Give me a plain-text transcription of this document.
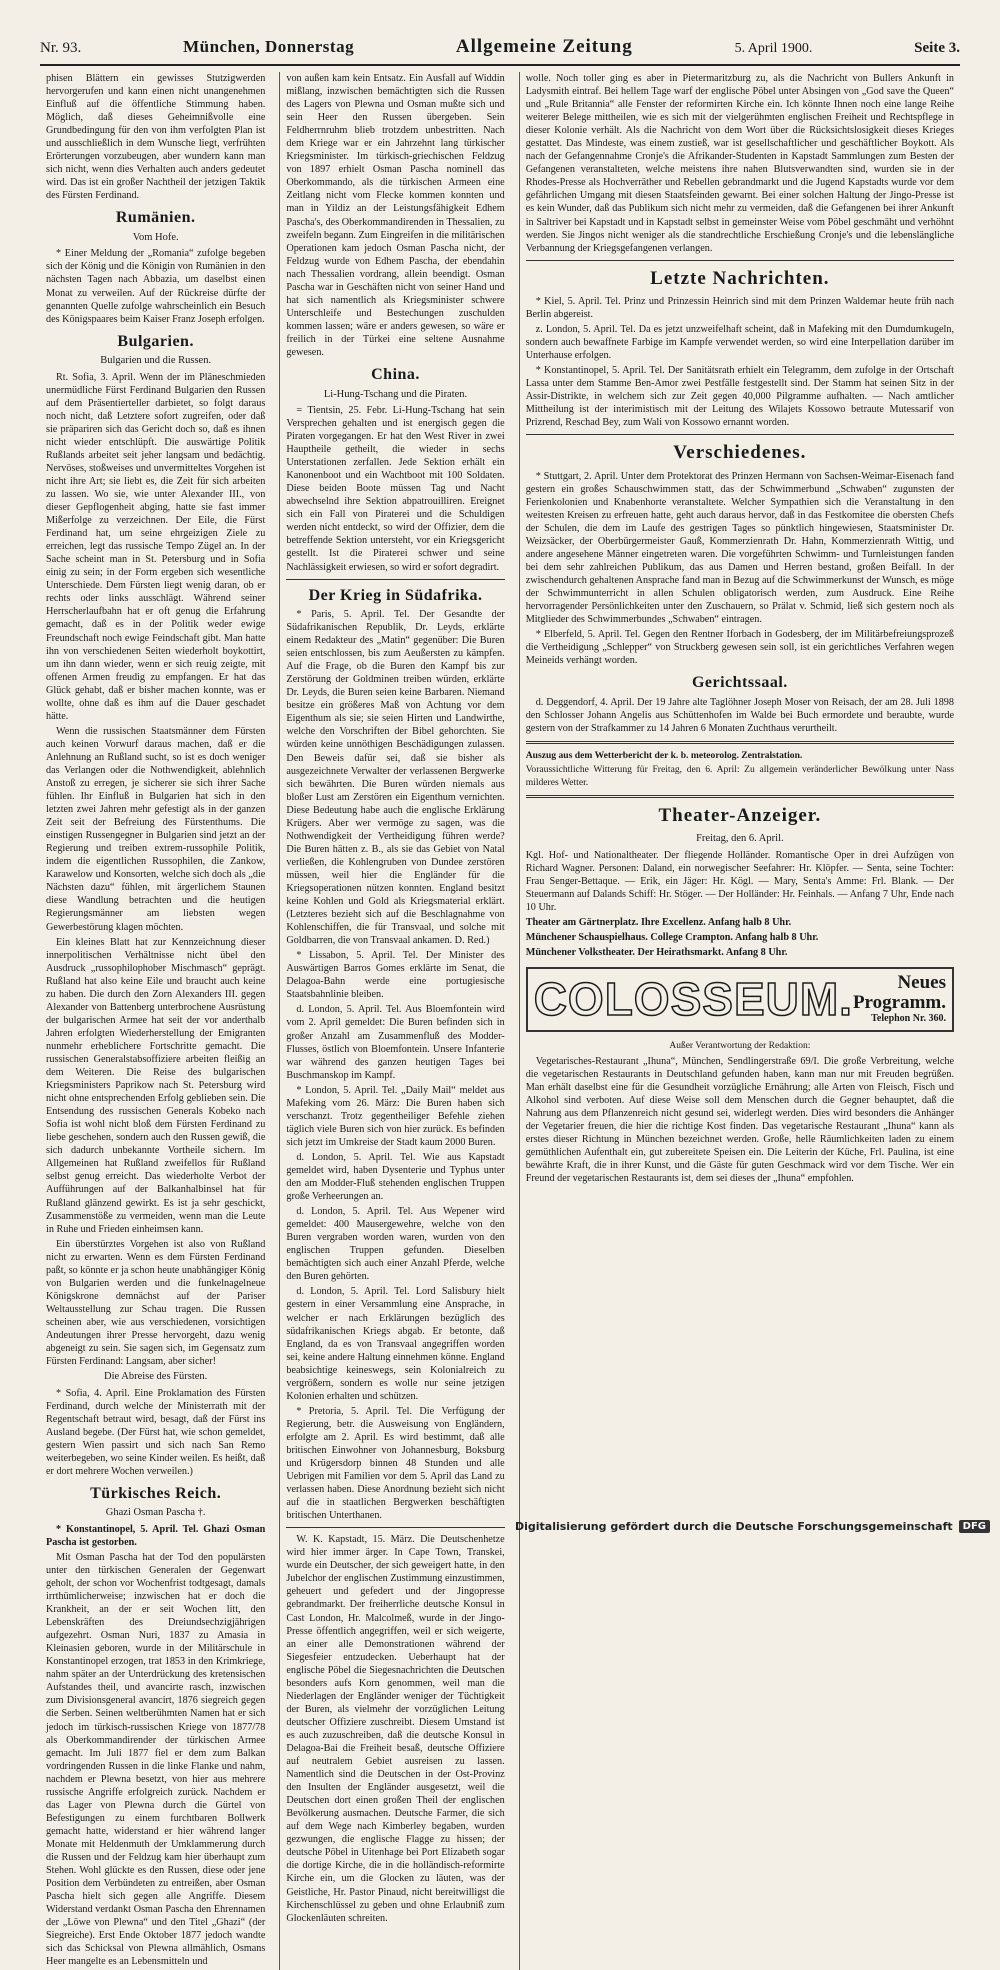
Nr. 93.	München, Donnerstag	Allgemeine Zeitung	5. April 1900.	Seite 3.

phisen Blättern ein gewisses Stutzigwerden hervorgerufen und kann einen nicht unangenehmen Einfluß auf die öffentliche Stimmung haben. Möglich, daß dieses Geheimnißvolle eine Grundbedingung für den von ihm verfolgten Plan ist und ausschließlich in dem Wunsche liegt, verfrühten Erörterungen vorzubeugen, aber wundern kann man sich nicht, wenn dies Verhalten auch anders gedeutet wird. Das ist ein großer Nachtheil der jetzigen Taktik des Fürsten Ferdinand.

Rumänien.
Vom Hofe.

* Einer Meldung der „Romania“ zufolge begeben sich der König und die Königin von Rumänien in den nächsten Tagen nach Abbazia, um daselbst einen Monat zu verweilen. Auf der Rückreise dürfte der genannten Quelle zufolge wahrscheinlich ein Besuch des Königspaares beim Kaiser Franz Joseph erfolgen.

Bulgarien.
Bulgarien und die Russen.

Rt. Sofia, 3. April. Wenn der im Pläneschmieden unermüdliche Fürst Ferdinand Bulgarien den Russen auf dem Präsentierteller darbietet, so folgt daraus noch nicht, daß Letztere sofort zugreifen, oder daß sie präpariren sich das Gericht doch so, daß es ihnen nicht wieder entschlüpft. Die auswärtige Politik Rußlands arbeitet seit jeher langsam und bedächtig. Nervöses, stoßweises und unvermitteltes Vorgehen ist nicht ihre Art; sie liebt es, die Zeit für sich arbeiten zu lassen. Wo sie, wie unter Alexander III., von dieser Gepflogenheit abging, hatte sie fast immer Mißerfolge zu verzeichnen. Der Eile, die Fürst Ferdinand hat, um seine ehrgeizigen Ziele zu erreichen, legt das russische Tempo Zügel an. In der Sache scheint man in St. Petersburg und in Sofia einig zu sein; in der Form ergeben sich wesentliche Unterschiede. Dem Fürsten liegt wenig daran, ob er rechts oder links ausschlägt. Während seiner Herrscherlaufbahn hat er oft genug die Erfahrung gemacht, daß es in der Politik weder ewige Freundschaft noch ewige Feindschaft gibt. Man hatte ihn von verschiedenen Seiten wiederholt boykottirt, um ihn dann wieder, wenn er sich reuig zeigte, mit offenen Armen freudig zu empfangen. Er hat das Glück gehabt, daß er bisher machen konnte, was er wollte, ohne daß es ihm auf die Dauer geschadet hätte.

Wenn die russischen Staatsmänner dem Fürsten auch keinen Vorwurf daraus machen, daß er die Anlehnung an Rußland sucht, so ist es doch weniger das Verlangen oder die Nothwendigkeit, ablehnlich Anstoß zu erregen, je sicherer sie sich ihrer Sache fühlen. Ihr Einfluß in Bulgarien hat sich in den letzten zwei Jahren mehr gefestigt als in der ganzen Zeit seit der Befreiung des Fürstenthums. Die einstigen Russengegner in Bulgarien sind jetzt an der Regierung und treiben extrem-russophile Politik, indem die eigentlichen Russophilen, die Zankow, Karawelow und Konsorten, welche sich doch als „die Nächsten dazu“ fühlen, mit ärgerlichem Staunen diese Wandlung betrachten und die heutigen Regierungsmänner am liebsten wegen Gewerbestörung klagen möchten.

Ein kleines Blatt hat zur Kennzeichnung dieser innerpolitischen Verhältnisse nicht übel den Ausdruck „russophilophober Mischmasch“ geprägt. Rußland hat also keine Eile und braucht auch keine zu haben. Die durch den Zorn Alexanders III. gegen Alexander von Battenberg unterbrochene Ausrüstung der bulgarischen Armee hat seit der vor anderthalb Jahren erfolgten Wiederherstellung der Emigranten nunmehr erheblichere Fortschritte gemacht. Die russischen Generalstabsoffiziere arbeiten fleißig an dem Weiteren. Die Reise des bulgarischen Kriegsministers Paprikow nach St. Petersburg wird nicht ohne entsprechenden Erfolg geblieben sein. Die Entsendung des russischen Generals Kobeko nach Sofia ist wohl nicht bloß dem Fürsten Ferdinand zu liebe geschehen, sondern auch den Russen gewiß, die sich dadurch unbekannte Vortheile sichern. Im Allgemeinen hat Rußland zweifellos für Rußland selbst genug erreicht. Das wiederholte Verbot der Aufführungen auf der Balkanhalbinsel hat für Rußland glänzend gewirkt. Es ist ja sehr geschickt, Zusammenstöße zu vermeiden, wenn man die Leute in Ruhe und Frieden einheimsen kann.

Ein überstürztes Vorgehen ist also von Rußland nicht zu erwarten. Wenn es dem Fürsten Ferdinand paßt, so könnte er ja schon heute unabhängiger König von Bulgarien werden und die funkelnagelneue Königskrone demnächst auf der Pariser Weltausstellung zur Schau tragen. Die Russen scheinen aber, wie aus verschiedenen, vorsichtigen Andeutungen ihrer Presse hervorgeht, dazu wenig abgeneigt zu sein. Sie sagen sich, im Gegensatz zum Fürsten Ferdinand: Langsam, aber sicher!

Die Abreise des Fürsten.

* Sofia, 4. April. Eine Proklamation des Fürsten Ferdinand, durch welche der Ministerrath mit der Regentschaft betraut wird, besagt, daß der Fürst ins Ausland begebe. (Der Fürst hat, wie schon gemeldet, gestern Wien passirt und sich nach San Remo weiterbegeben, wo seine Kinder weilen. Es heißt, daß er dort mehrere Wochen verweilen.)

Türkisches Reich.
Ghazi Osman Pascha †.

* Konstantinopel, 5. April. Tel. Ghazi Osman Pascha ist gestorben.

Mit Osman Pascha hat der Tod den populärsten unter den türkischen Generalen der Gegenwart geholt, der schon vor Wochenfrist todtgesagt, damals irrthümlicherweise; inzwischen hat er doch die Krankheit, an der er seit Wochen litt, den Lebenskräften des Dreiundsechzigjährigen aufgezehrt. Osman Nuri, 1837 zu Amasia in Kleinasien geboren, wurde in der Militärschule in Konstantinopel erzogen, trat 1853 in den Krimkriege, nahm später an der Unterdrückung des kretensischen Aufstandes theil, und avancirte rasch, inzwischen zum Divisionsgeneral avancirt, 1876 siegreich gegen die Serben. Seinen weltberühmten Namen hat er sich jedoch im türkisch-russischen Kriege von 1877/78 als Oberkommandirender der türkischen Armee gemacht. Im Juli 1877 fiel er dem zum Balkan vordringenden Russen in die linke Flanke und nahm, nachdem er Plewna besetzt, von hier aus mehrere russische Angriffe erfolgreich zurück. Nachdem er das Lager von Plewna durch die Gürtel von Befestigungen zu einem furchtbaren Bollwerk gemacht hatte, widerstand er hier während langer Monate mit Heldenmuth der Umklammerung durch die Russen und der Feldzug kam hier überhaupt zum Stehen. Wohl glückte es den Russen, diese oder jene Position dem Verbündeten zu entreißen, aber Osman Pascha hielt sich gegen alle Angriffe. Diesem Widerstand verdankt Osman Pascha den Ehrennamen der „Löwe von Plewna“ und den Titel „Ghazi“ (der Siegreiche). Erst Ende Oktober 1877 jedoch wandte sich das Schicksal von Plewna allmählich, Osmans Heer mangelte es an Lebensmitteln und

von außen kam kein Entsatz. Ein Ausfall auf Widdin mißlang, inzwischen bemächtigten sich die Russen des Lagers von Plewna und Osman mußte sich und sein Heer den Russen übergeben. Sein Feldherrnruhm blieb trotzdem unbestritten. Nach dem Kriege war er ein Jahrzehnt lang türkischer Kriegsminister. Im türkisch-griechischen Feldzug von 1897 erhielt Osman Pascha nominell das Oberkommando, als die türkischen Armeen eine Zeitlang nicht vom Flecke kommen konnten und man in Yildiz an der Leistungsfähigkeit Edhem Pascha's, des Oberkommandirenden in Thessalien, zu zweifeln begann. Zum Eingreifen in die militärischen Operationen kam jedoch Osman Pascha nicht, der Feldzug wurde von Edhem Pascha, der ebendahin nach Thessalien vordrang, allein beendigt. Osman Pascha war in Geschäften nicht von seiner Hand und hat sich namentlich als Kriegsminister schwere Unterschleife und Bestechungen zuschulden kommen lassen; wäre er anders gewesen, so wäre er freilich in der Türkei eine seltene Ausnahme gewesen.

China.
Li-Hung-Tschang und die Piraten.

= Tientsin, 25. Febr. Li-Hung-Tschang hat sein Versprechen gehalten und ist energisch gegen die Piraten vorgegangen. Er hat den West River in zwei Hauptheile getheilt, die wieder in sechs Unterstationen zerfallen. Jede Sektion erhält ein Kanonenboot und ein Wachtboot mit 100 Soldaten. Diese beiden Boote müssen Tag und Nacht abwechselnd ihre Sektion abpatrouilliren. Ereignet sich ein Fall von Piraterei und die Schuldigen werden nicht entdeckt, so wird der Offizier, dem die betreffende Sektion untersteht, vor ein Kriegsgericht gestellt. Ist die Piraterei schwer und seine Nachlässigkeit erwiesen, so wird er sofort degradirt.

Der Krieg in Südafrika.

* Paris, 5. April. Tel. Der Gesandte der Südafrikanischen Republik, Dr. Leyds, erklärte einem Redakteur des „Matin“ gegenüber: Die Buren seien entschlossen, bis zum Aeußersten zu kämpfen. Auf die Frage, ob die Buren den Kampf bis zur Zerstörung der Goldminen treiben würden, erklärte Dr. Leyds, die Buren seien keine Barbaren. Niemand besitze ein größeres Maß von Achtung vor dem Eigenthum als sie; sie seien Hirten und Landwirthe, welche den Vorschriften der Bibel gehorchten. Sie würden keine unnöthigen Beschädigungen zulassen. Den Beweis dafür sei, daß sie bisher als ausgezeichnete Verwalter der verlassenen Bergwerke sich bewährten. Die Buren würden niemals aus bloßer Lust am Zerstören ein Eigenthum vernichten. Diese Bedeutung habe auch die englische Erklärung Krügers. Aber wer vermöge zu sagen, was die Nothwendigkeit der Vertheidigung führen werde? Die Buren hätten z. B., als sie das Gebiet von Natal verließen, die Kohlengruben von Dundee zerstören müssen, weil hier die Engländer für die Kriegsoperationen nützen konnten. England besitzt keine Kohlen und Gold als Kriegsmaterial erklärt. (Letzteres bezieht sich auf die Beschlagnahme von Kohlenschiffen, die für Transvaal, und solche mit Goldbarren, die von Transvaal ankamen. D. Red.)

* Lissabon, 5. April. Tel. Der Minister des Auswärtigen Barros Gomes erklärte im Senat, die Delagoa-Bahn werde eine portugiesische Staatsbahnlinie bleiben.

d. London, 5. April. Tel. Aus Bloemfontein wird vom 2. April gemeldet: Die Buren befinden sich in großer Anzahl am Zusammenfluß des Modder-Flusses, östlich von Bloemfontein. Unsere Infanterie war während des ganzen heutigen Tages bei Buschmanskop im Kampf.

* London, 5. April. Tel. „Daily Mail“ meldet aus Mafeking vom 26. März: Die Buren haben sich verschanzt. Trotz gegentheiliger Befehle ziehen täglich viele Buren sich von hier zurück. Es befinden sich jetzt im Umkreise der Stadt kaum 2000 Buren.

d. London, 5. April. Tel. Wie aus Kapstadt gemeldet wird, haben Dysenterie und Typhus unter den am Modder-Fluß stehenden englischen Truppen große Verheerungen an.

d. London, 5. April. Tel. Aus Wepener wird gemeldet: 400 Mausergewehre, welche von den Buren vergraben worden waren, wurden von den englischen Truppen gefunden. Dieselben bemächtigten sich auch einer Anzahl Pferde, welche den Buren gehörten.

d. London, 5. April. Tel. Lord Salisbury hielt gestern in einer Versammlung eine Ansprache, in welcher er nach Erklärungen bezüglich des südafrikanischen Kriegs abgab. Er betonte, daß England, da es von Transvaal angegriffen worden sei, keine andere Haltung einnehmen könne. England beabsichtige keineswegs, sein Kolonialreich zu vergrößern, sondern es wolle nur seine jetzigen Kolonien erhalten und schützen.

* Pretoria, 5. April. Tel. Die Verfügung der Regierung, betr. die Ausweisung von Engländern, erfolgte am 2. April. Es wird bestimmt, daß alle britischen Einwohner von Johannesburg, Boksburg und Krügersdorp binnen 48 Stunden und alle Uebrigen mit Familien vor dem 5. April das Land zu verlassen haben. Diese Anordnung bezieht sich nicht auf die in staatlichen Bergwerken beschäftigten britischen Unterthanen.

W. K. Kapstadt, 15. März. Die Deutschenhetze wird hier immer ärger. In Cape Town, Transkei, wurde ein Deutscher, der sich geweigert hatte, in den Jubelchor der englischen Zustimmung einzustimmen, geheuert und gefedert und der Jingopresse gebrandmarkt. Der freiherrliche deutsche Konsul in Cast London, Hr. Malcolmeß, wurde in der Jingo-Presse öffentlich angegriffen, weil er sich weigerte, an einer alle Demonstrationen während der Siegesfeier entzudecken. Ueberhaupt hat der englische Pöbel die Siegesnachrichten die Deutschen besonders aufs Korn genommen, weil man die Niederlagen der Engländer weniger der Tüchtigkeit der Buren, als vielmehr der vorzüglichen Leitung deutscher Offiziere zuschreibt. Diesem Umstand ist es auch zuzuschreiben, daß die deutsche Konsul in Delagoa-Bai die Freiheit besaß, deutsche Offiziere auf neutralem Gebiet ausreisen zu lassen. Namentlich sind die Deutschen in der Ost-Provinz den Insulten der Engländer ausgesetzt, weil die Deutschen dort einen großen Theil der englischen Bevölkerung ausmachen. Deutsche Farmer, die sich auf dem Wege nach Kimberley begaben, wurden gezwungen, die englische Flagge zu hissen; der deutsche Pöbel in Uitenhage bei Port Elizabeth sogar die dortige Kirche, die in die holländisch-reformirte Kirche ein, um die Glocken zu läuten, was der Geistliche, Hr. Pastor Pinaud, nicht bereitwilligst die Kirchenschlüssel zu geben und ohne Erlaubniß zum Glockenläuten schreiten.

wolle. Noch toller ging es aber in Pietermaritzburg zu, als die Nachricht von Bullers Ankunft in Ladysmith eintraf. Bei hellem Tage warf der englische Pöbel unter Absingen von „God save the Queen“ und „Rule Britannia“ alle Fenster der reformirten Kirche ein. Ich könnte Ihnen noch eine lange Reihe weiterer Belege mittheilen, wie es sich mit der vielgerühmten englischen Freiheit und Rechtspflege in dieser Kolonie verhält. Als die Nachricht von dem Wort über die Rücksichtslosigkeit dieses Krieges gestattet. Das Mindeste, was einem zustieß, war ist gesellschaftlicher und geschäftlicher Boykott. Als nach der Gefangennahme Cronje's die Afrikander-Studenten in Kapstadt Sammlungen zum Besten der Gefangenen veranstalteten, welche meistens ihre nahen Blutsverwandten sind, wurden sie in der Rhodes-Presse als Hochverräther und Rebellen gebrandmarkt und die Jugend Kapstadts wurde vor dem gefährlichen Umgang mit diesen Staatsfeinden gewarnt. Bei einer solchen Haltung der Jingo-Presse ist es kein Wunder, daß das Publikum sich nicht mehr zu vermeiden, daß die Gefangenen bei ihrer Ankunft in Saltriver bei Kapstadt und in Kapstadt selbst in gemeinster Weise vom Pöbel geschmäht und verhöhnt werden. Sie Jingos nicht weniger als die standrechtliche Erschießung Cronje's und die lebenslängliche Verbannung der Kriegsgefangenen verlangen.

Letzte Nachrichten.

* Kiel, 5. April. Tel. Prinz und Prinzessin Heinrich sind mit dem Prinzen Waldemar heute früh nach Berlin abgereist.

z. London, 5. April. Tel. Da es jetzt unzweifelhaft scheint, daß in Mafeking mit den Dumdumkugeln, sondern auch bewaffnete Farbige im Kampfe verwendet werden, so wird eine Interpellation darüber im Unterhause erfolgen.

* Konstantinopel, 5. April. Tel. Der Sanitätsrath erhielt ein Telegramm, dem zufolge in der Ortschaft Lassa unter dem Stamme Ben-Amor zwei Pestfälle festgestellt sind. Der Stamm hat seinen Sitz in der Assir-Distrikte, in welchem sich zur Zeit gegen 40,000 Pilgramme aufhalten. — Nach amtlicher Mittheilung ist der interimistisch mit der Leitung des Wilajets Kossowo betraute Mutessarif von Prizrend, Reschad Bey, zum Wali von Kossowo ernannt worden.

Verschiedenes.

* Stuttgart, 2. April. Unter dem Protektorat des Prinzen Hermann von Sachsen-Weimar-Eisenach fand gestern ein großes Schauschwimmen statt, das der Schwimmerbund „Schwaben“ zugunsten der Ferienkolonien und Knabenhorte veranstaltete. Welcher Sympathien sich die Veranstaltung in den weitesten Kreisen zu erfreuen hatte, geht auch daraus hervor, daß in das Festkomitee die obersten Chefs der Schulen, die dem im Laufe des gestrigen Tages so pünktlich hingewiesen, Staatsminister Dr. Weizsäcker, der Oberbürgermeister Gauß, Kommerzienrath Dr. Hahn, Kommerzienrath Wittig, und andere angesehene Männer eingetreten waren. Die vorgeführten Schwimm- und Turnleistungen fanden bei dem sehr zahlreichen Publikum, das aus Damen und Herren bestand, großen Beifall. In der zwischendurch gehaltenen Ansprache fand man in Bezug auf die Schwimmerkunst der Wunsch, es möge der Schwimmunterricht in allen Schulen obligatorisch werden, zum Ausdruck. Eine Reihe hervorragender Persönlichkeiten unter den Zuschauern, so Prälat v. Schmid, ließ sich gestern noch als Mitglieder des Schwimmerbundes „Schwaben“ eintragen.

* Elberfeld, 5. April. Tel. Gegen den Rentner Iforbach in Godesberg, der im Militärbefreiungsprozeß die Vertheidigung „Schlepper“ von Struckberg gewesen sein soll, ist ein gerichtliches Verfahren wegen Meineids verhängt worden.

Gerichtssaal.

d. Deggendorf, 4. April. Der 19 Jahre alte Taglöhner Joseph Moser von Reisach, der am 28. Juli 1898 den Schlosser Johann Angelis aus Schüttenhofen im Walde bei Buch ermordete und beraubte, wurde gestern von der Strafkammer zu 14 Jahren 6 Monaten Zuchthaus verurtheilt.

Auszug aus dem Wetterbericht der k. b. meteorolog. Zentralstation.

Voraussichtliche Witterung für Freitag, den 6. April: Zu allgemein veränderlicher Bewölkung unter Nass milderes Wetter.

Theater-Anzeiger.
Freitag, den 6. April.

Kgl. Hof- und Nationaltheater. Der fliegende Holländer. Romantische Oper in drei Aufzügen von Richard Wagner. Personen: Daland, ein norwegischer Seefahrer: Hr. Klöpfer. — Senta, seine Tochter: Frau Senger-Bettaque. — Erik, ein Jäger: Hr. Kögl. — Mary, Senta's Amme: Frl. Blank. — Der Steuermann auf Dalands Schiff: Hr. Stöger. — Der Holländer: Hr. Feinhals. — Anfang 7 Uhr, Ende nach 10 Uhr.

Theater am Gärtnerplatz. Ihre Excellenz. Anfang halb 8 Uhr.

Münchener Schauspielhaus. College Crampton. Anfang halb 8 Uhr.

Münchener Volkstheater. Der Heirathsmarkt. Anfang 8 Uhr.

COLOSSEUM.	Neues
Programm.
Telephon Nr. 360.
Außer Verantwortung der Redaktion:

Vegetarisches-Restaurant „Ihuna“, München, Sendlingerstraße 69/I. Die große Verbreitung, welche die vegetarischen Restaurants in Deutschland gefunden haben, kann man nur mit Freuden begrüßen. Man erhält daselbst eine für die Gesundheit vorzügliche Ernährung; alle Arten von Fleisch, Fisch und Alkohol sind verboten. Auf diese Weise soll dem Menschen durch die Gegner behauptet, daß die Nahrung aus dem Pflanzenreich nicht gesund sei, widerlegt werden. Dies wird besonders die Anhänger der Vegetarier freuen, die hier die richtige Kost finden. Das vegetarische Restaurant „Ihuna“ kann als erstes dieser Richtung in München bezeichnet werden. Große, helle Räumlichkeiten laden zu einem gemüthlichen Aufenthalt ein, gut zubereitete Speisen ein. Die Leiterin der Küche, Frl. Paulina, ist eine bewährte Kraft, die in ihrer Kunst, und die Gäste für guten Geschmack wird vor dem Tische. Wer ein Freund der vegetarischen Restaurants ist, dem sei dieses der „Ihuna“ empfohlen.

Digitalisierung gefördert durch die Deutsche Forschungsgemeinschaft	DFG
